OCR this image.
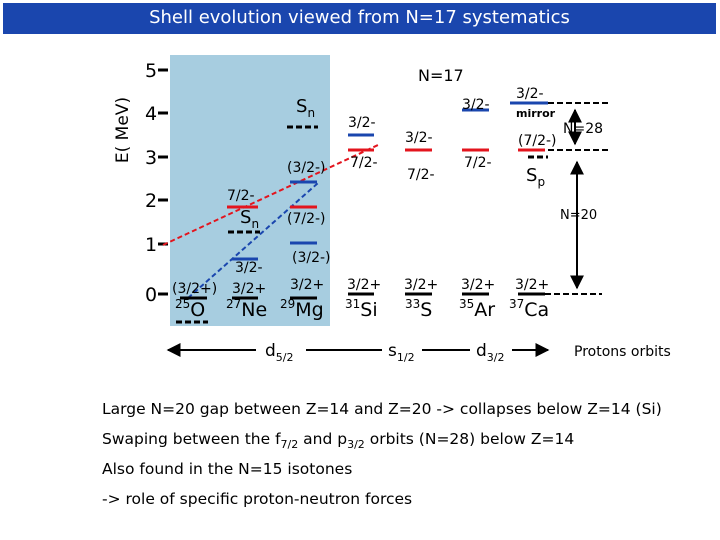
Shell evolution viewed from N=17 systematics
E( MeV)
5
4
3
2
1
0
N=17
N=28
N=20
(3/2+) 3/2+ 3/2+ 3/2+ 3/2+ 3/2+ 3/2+
3/2-
7/2-
(3/2-)
(7/2-)
(3/2-)
3/2-
7/2-
3/2-
7/2-
3/2-
7/2-
3/2-
(7/2-)
mirror
$S_n$
$S_n$
$S_p$
$^{25}$O $^{27}$Ne $^{29}$Mg $^{31}$Si $^{33}$S $^{35}$Ar $^{37}$Ca
$d_{5/2}$	$s_{1/2}$	$d_{3/2}$	Protons orbits
Large N=20 gap between Z=14 and Z=20 -> collapses below Z=14 (Si)
Swaping between the $f_{7/2}$ and $p_{3/2}$ orbits (N=28) below Z=14
Also found in the N=15 isotones
-> role of specific proton-neutron forces
